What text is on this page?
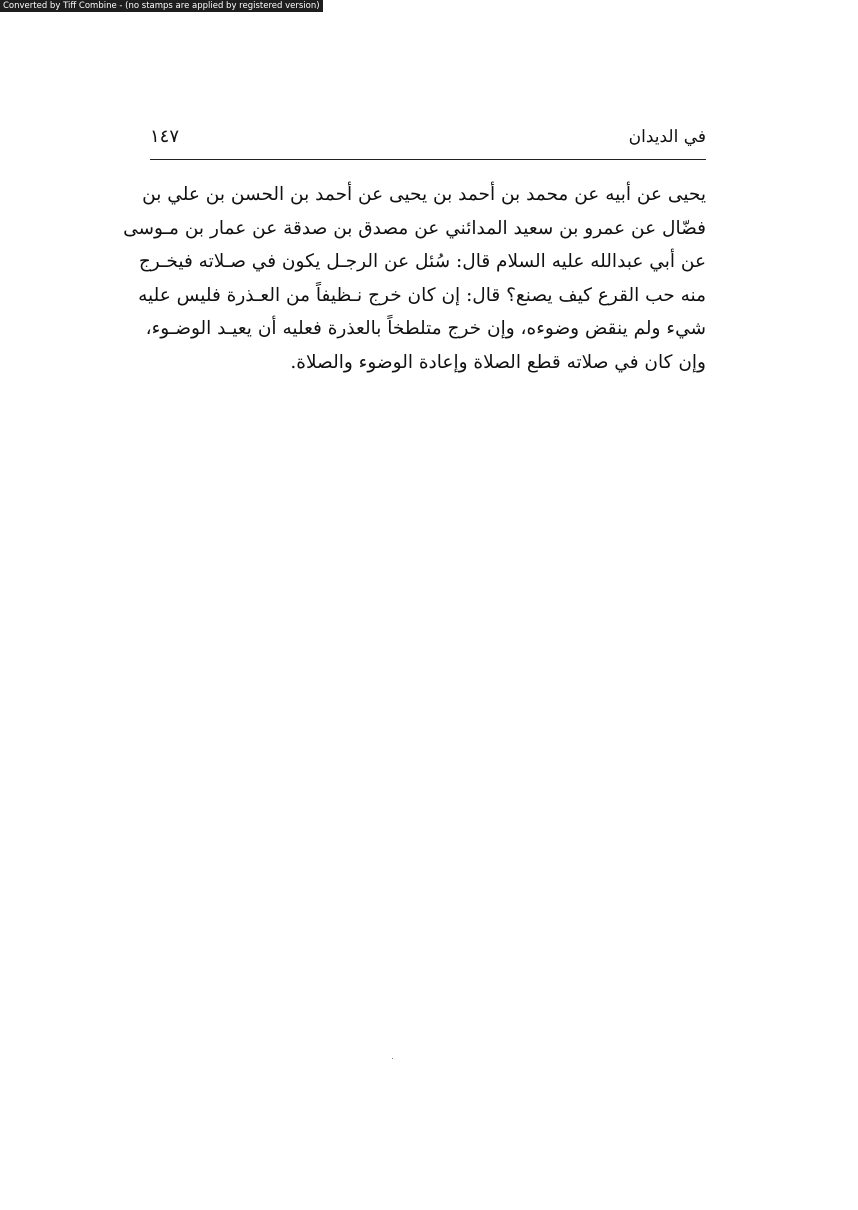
Converted by Tiff Combine - (no stamps are applied by registered version)
في الديدان
١٤٧
يحيى عن أبيه عن محمد بن أحمد بن يحيى عن أحمد بن الحسن بن علي بن
فضّال عن عمرو بن سعيد المدائني عن مصدق بن صدقة عن عمار بن مـوسى
عن أبي عبدالله عليه السلام قال: سُئل عن الرجـل يكون في صـلاته فيخـرج
منه حب القرع كيف يصنع؟ قال: إن كان خرج نـظيفاً من العـذرة فليس عليه
شيء ولم ينقض وضوءه، وإن خرج متلطخاً بالعذرة فعليه أن يعيـد الوضـوء،
وإن كان في صلاته قطع الصلاة وإعادة الوضوء والصلاة.
